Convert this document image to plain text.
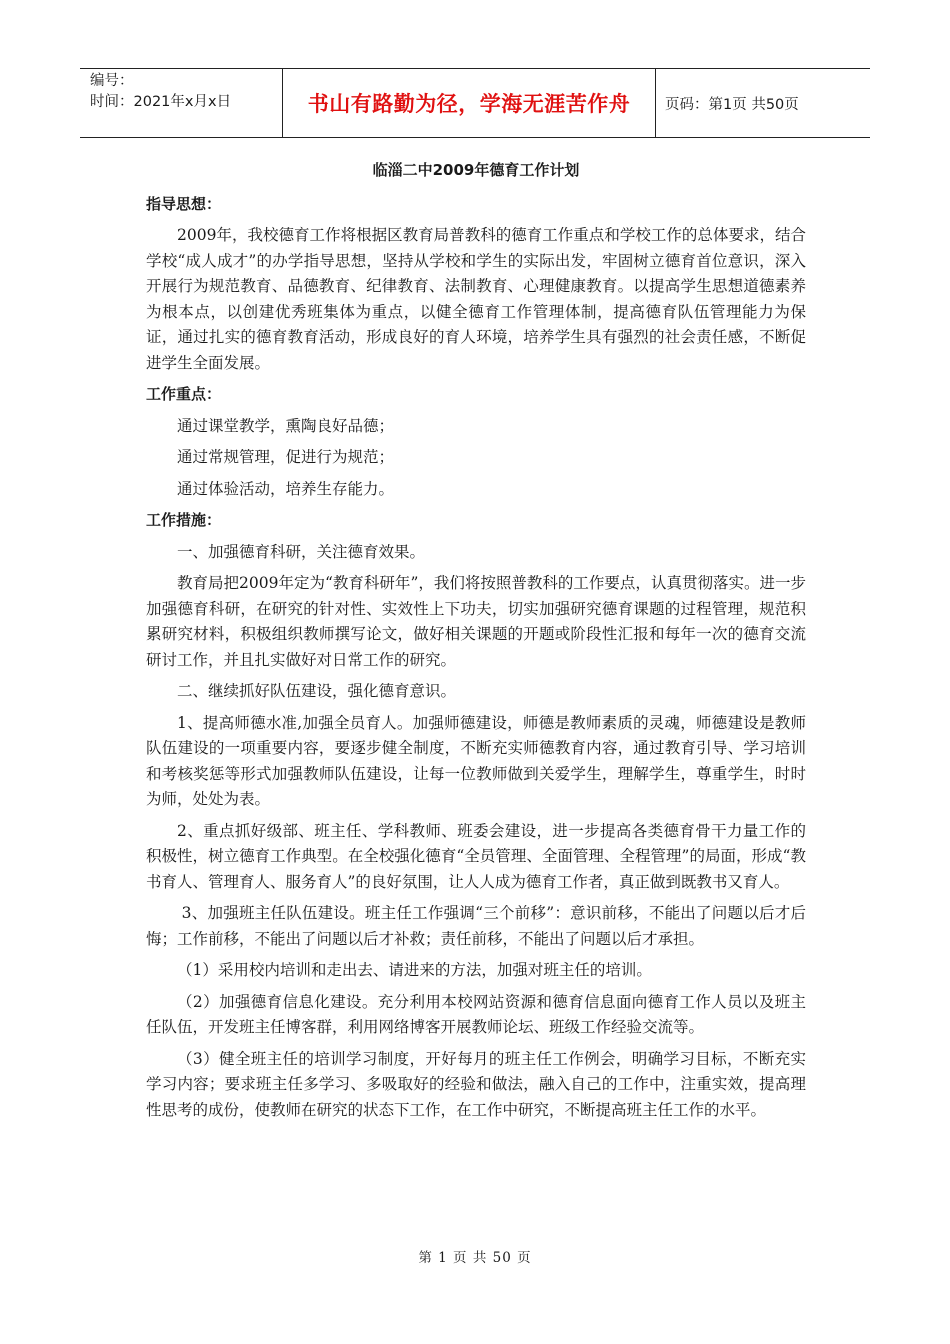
编号：
时间：2021年x月x日	书山有路勤为径，学海无涯苦作舟	页码：第1页 共50页
临淄二中2009年德育工作计划
指导思想：

2009年，我校德育工作将根据区教育局普教科的德育工作重点和学校工作的总体要求，结合学校“成人成才”的办学指导思想，坚持从学校和学生的实际出发，牢固树立德育首位意识，深入开展行为规范教育、品德教育、纪律教育、法制教育、心理健康教育。以提高学生思想道德素养为根本点，以创建优秀班集体为重点，以健全德育工作管理体制，提高德育队伍管理能力为保证，通过扎实的德育教育活动，形成良好的育人环境，培养学生具有强烈的社会责任感，不断促进学生全面发展。

工作重点：

通过课堂教学，熏陶良好品德；

通过常规管理，促进行为规范；

通过体验活动，培养生存能力。

工作措施：

一、加强德育科研，关注德育效果。

教育局把2009年定为“教育科研年”，我们将按照普教科的工作要点，认真贯彻落实。进一步加强德育科研，在研究的针对性、实效性上下功夫，切实加强研究德育课题的过程管理，规范积累研究材料，积极组织教师撰写论文，做好相关课题的开题或阶段性汇报和每年一次的德育交流研讨工作，并且扎实做好对日常工作的研究。

二、继续抓好队伍建设，强化德育意识。

1、提高师德水准,加强全员育人。加强师德建设，师德是教师素质的灵魂，师德建设是教师队伍建设的一项重要内容，要逐步健全制度，不断充实师德教育内容，通过教育引导、学习培训和考核奖惩等形式加强教师队伍建设，让每一位教师做到关爱学生，理解学生，尊重学生，时时为师，处处为表。

2、重点抓好级部、班主任、学科教师、班委会建设，进一步提高各类德育骨干力量工作的积极性，树立德育工作典型。在全校强化德育“全员管理、全面管理、全程管理”的局面，形成“教书育人、管理育人、服务育人”的良好氛围，让人人成为德育工作者，真正做到既教书又育人。

3、加强班主任队伍建设。班主任工作强调“三个前移”：意识前移，不能出了问题以后才后悔；工作前移，不能出了问题以后才补救；责任前移，不能出了问题以后才承担。

（1）采用校内培训和走出去、请进来的方法，加强对班主任的培训。

（2）加强德育信息化建设。充分利用本校网站资源和德育信息面向德育工作人员以及班主任队伍，开发班主任博客群，利用网络博客开展教师论坛、班级工作经验交流等。

（3）健全班主任的培训学习制度，开好每月的班主任工作例会，明确学习目标，不断充实学习内容；要求班主任多学习、多吸取好的经验和做法，融入自己的工作中，注重实效，提高理性思考的成份，使教师在研究的状态下工作，在工作中研究，不断提高班主任工作的水平。

第 1 页 共 50 页
